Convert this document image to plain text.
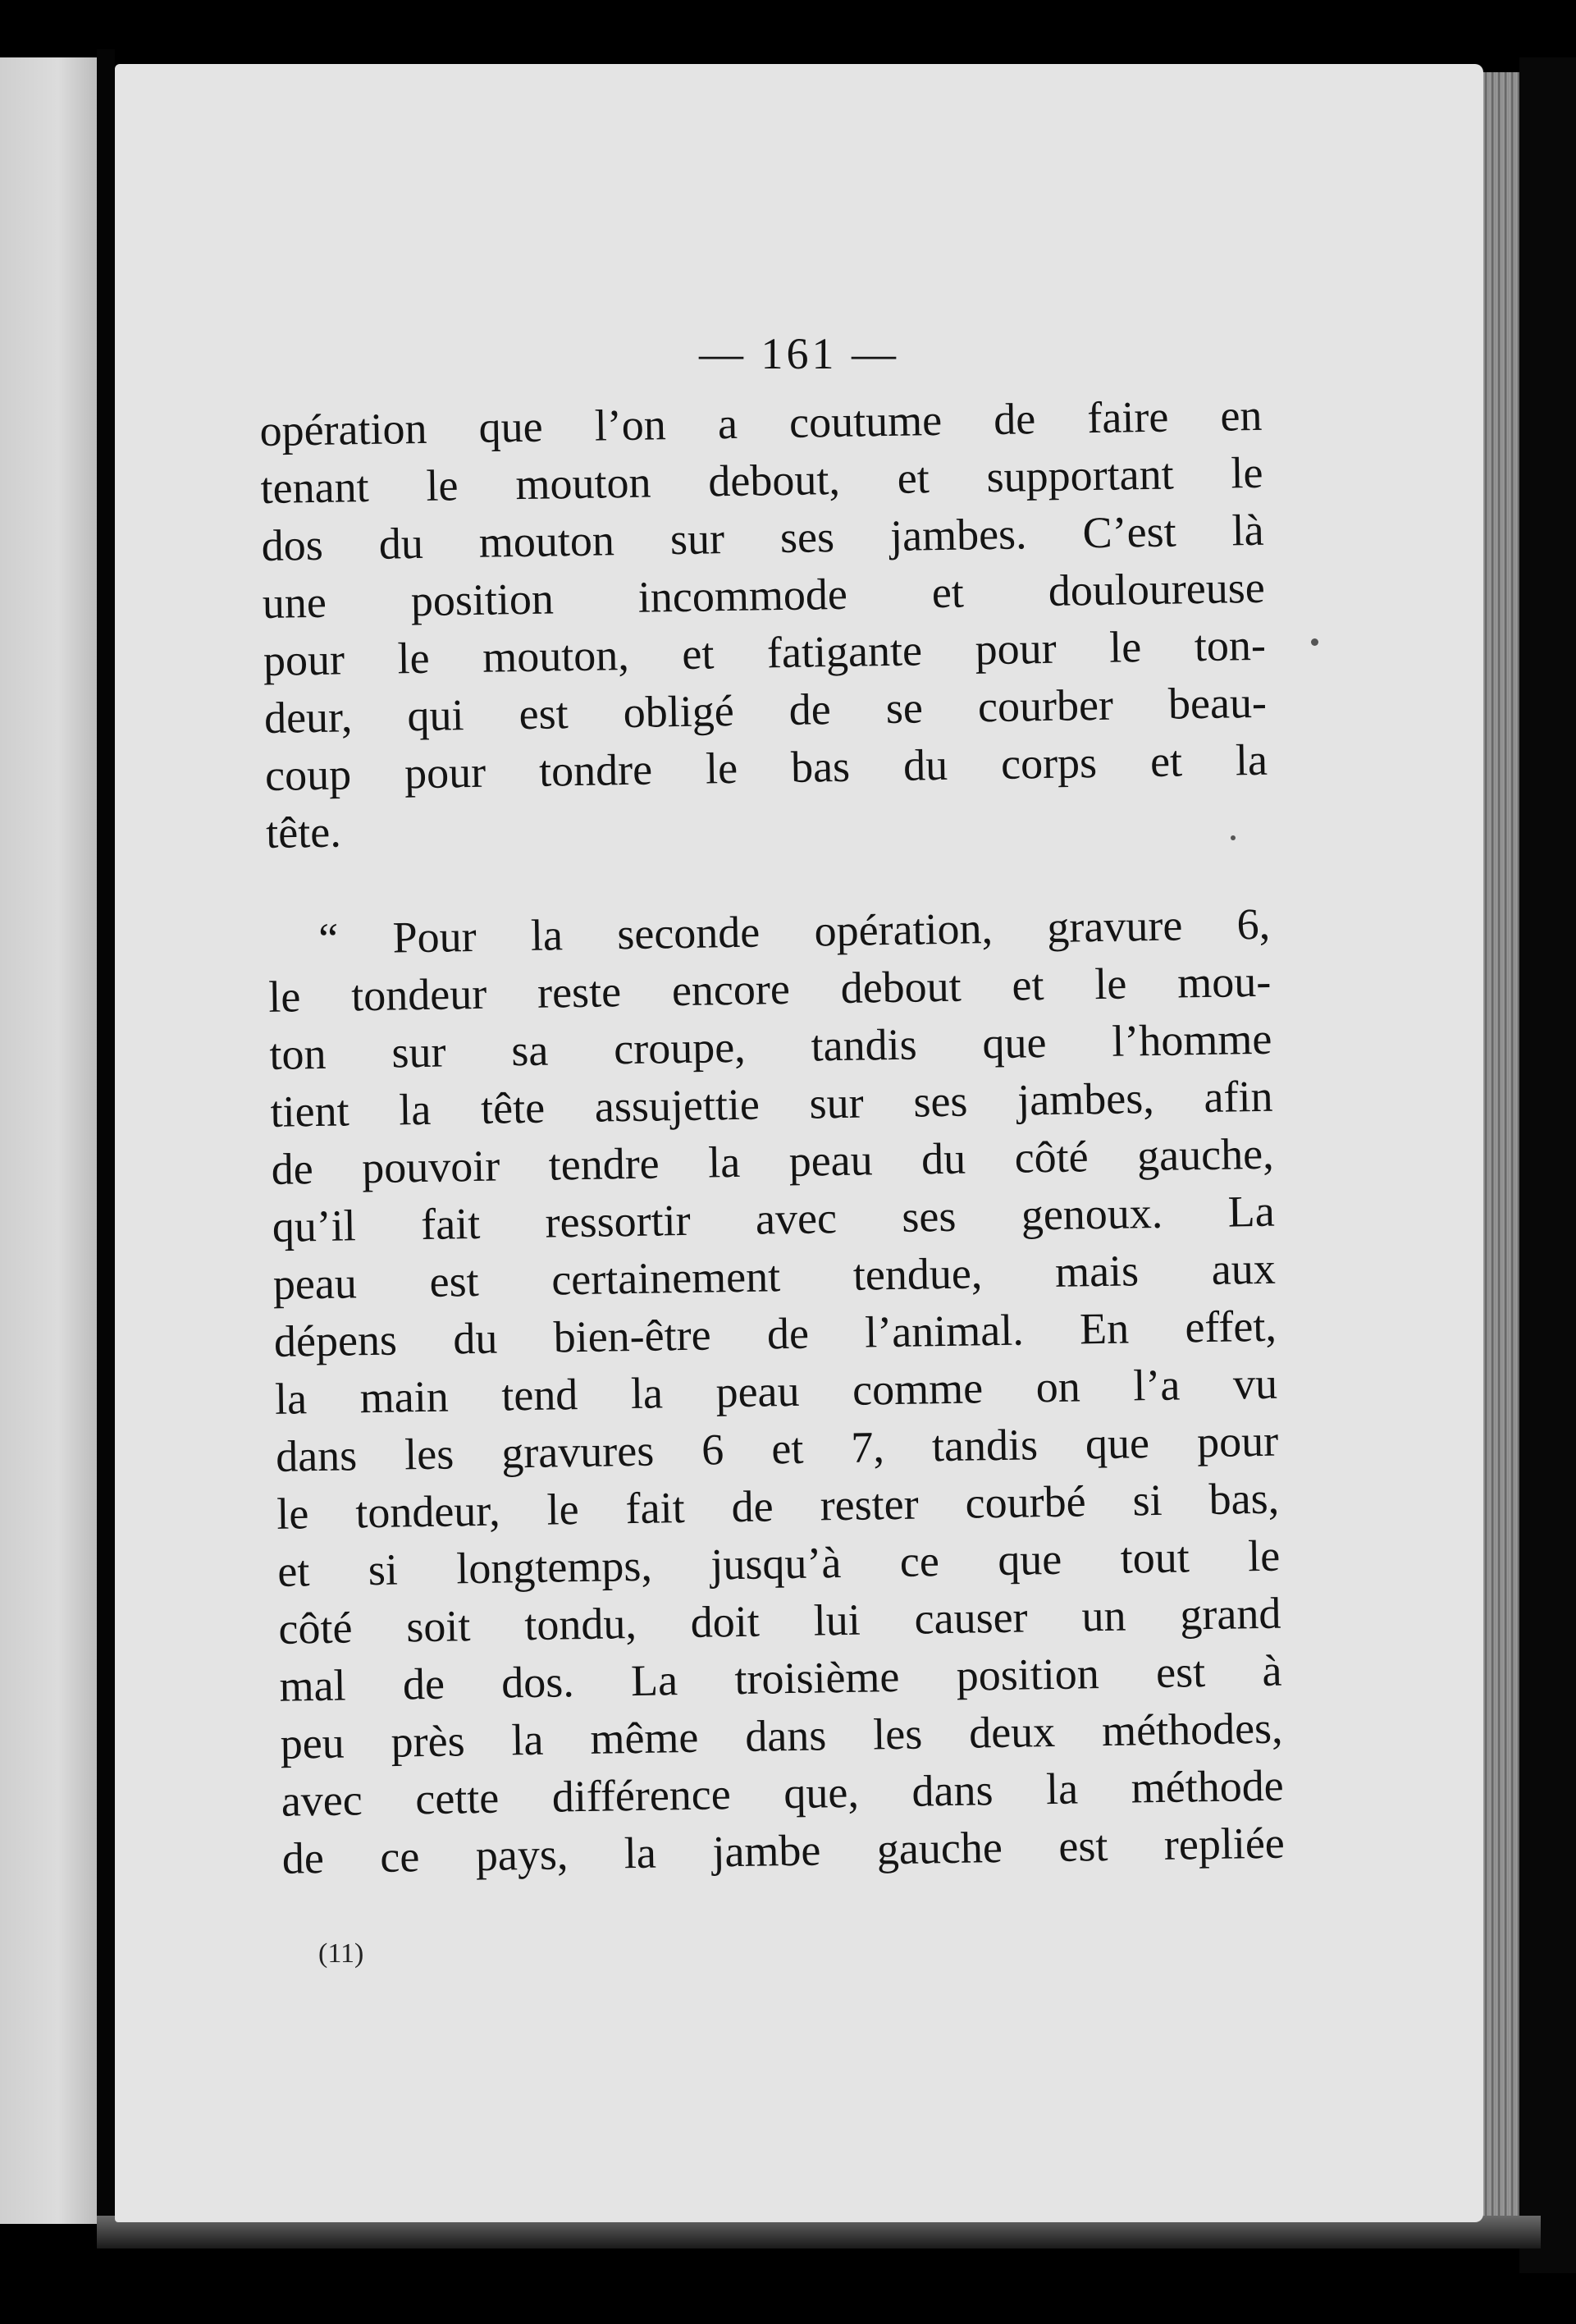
— 161 —
opération que l’on a coutume de faire en
tenant le mouton debout, et supportant le
dos du mouton sur ses jambes. C’est là
une position incommode et douloureuse
pour le mouton, et fatigante pour le ton-
deur, qui est obligé de se courber beau-
coup pour tondre le bas du corps et la
tête.
“ Pour la seconde opération, gravure 6,
le tondeur reste encore debout et le mou-
ton sur sa croupe, tandis que l’homme
tient la tête assujettie sur ses jambes, afin
de pouvoir tendre la peau du côté gauche,
qu’il fait ressortir avec ses genoux. La
peau est certainement tendue, mais aux
dépens du bien-être de l’animal. En effet,
la main tend la peau comme on l’a vu
dans les gravures 6 et 7, tandis que pour
le tondeur, le fait de rester courbé si bas,
et si longtemps, jusqu’à ce que tout le
côté soit tondu, doit lui causer un grand
mal de dos. La troisième position est à
peu près la même dans les deux méthodes,
avec cette différence que, dans la méthode
de ce pays, la jambe gauche est repliée
(11)
